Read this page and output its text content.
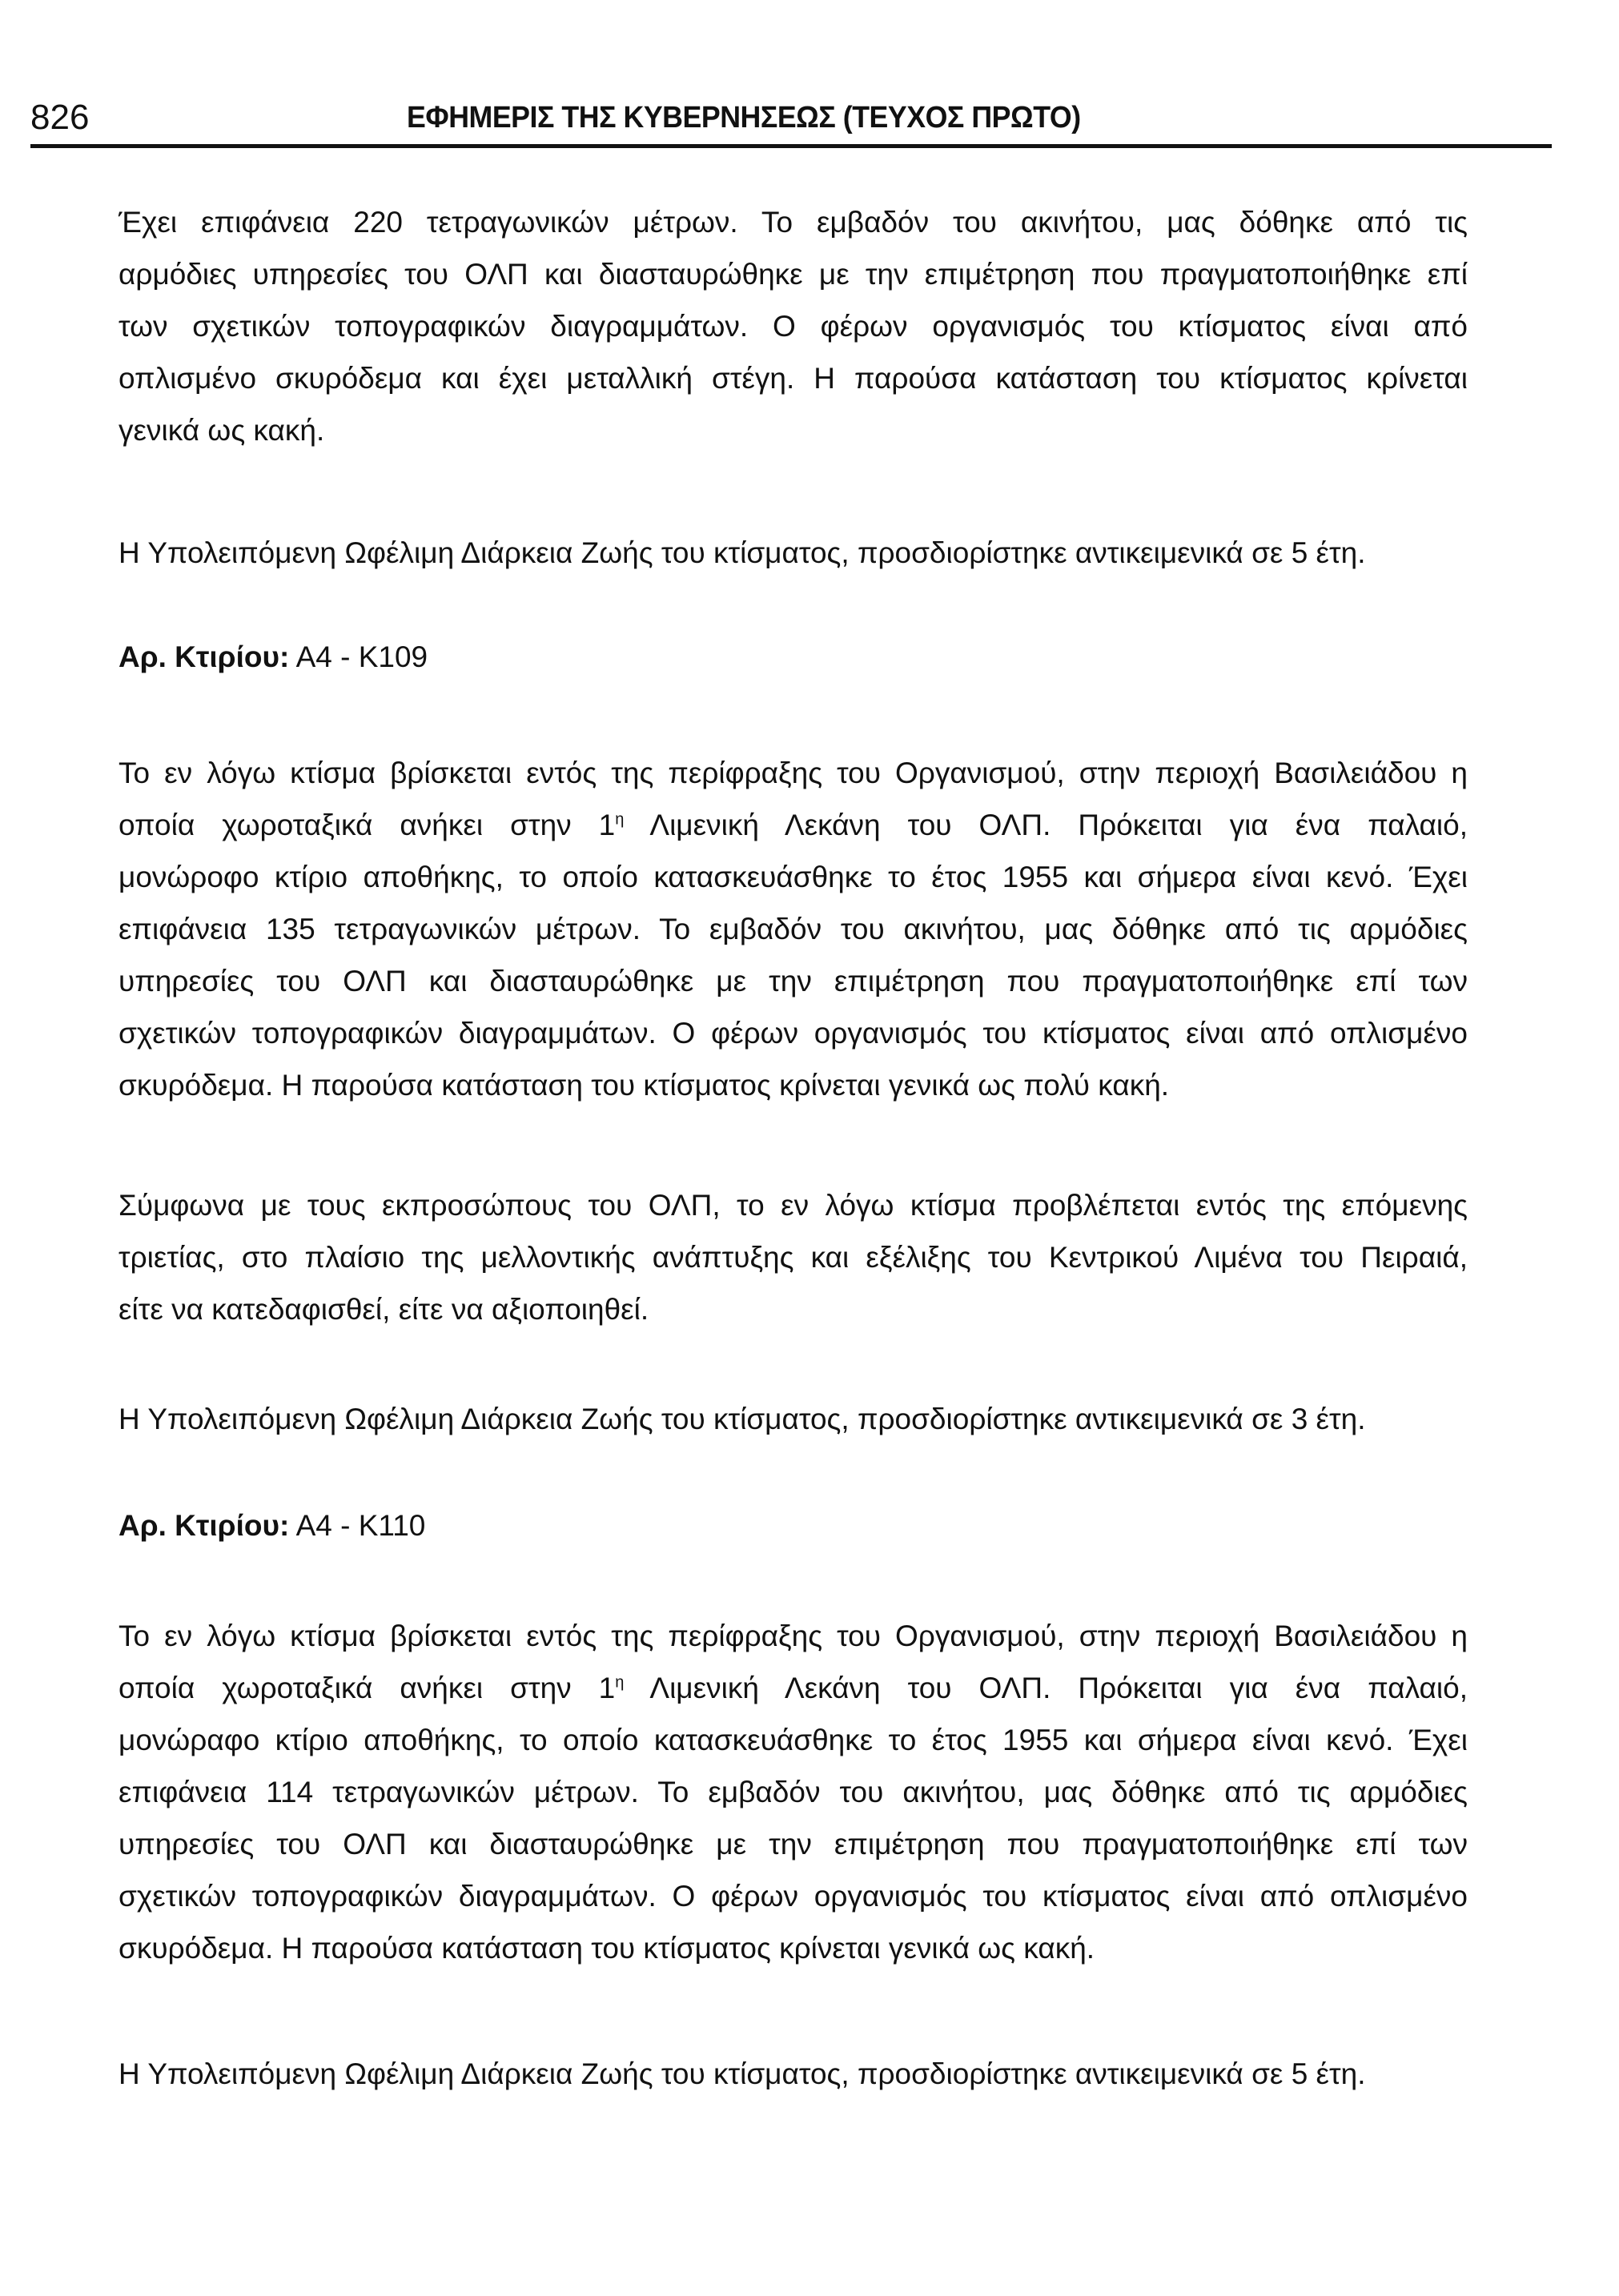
826	ΕΦΗΜΕΡΙΣ ΤΗΣ ΚΥΒΕΡΝΗΣΕΩΣ (ΤΕΥΧΟΣ ΠΡΩΤΟ)
Έχει επιφάνεια 220 τετραγωνικών μέτρων. Το εμβαδόν του ακινήτου, μας δόθηκε από τις
αρμόδιες υπηρεσίες του ΟΛΠ και διασταυρώθηκε με την επιμέτρηση που πραγματοποιήθηκε επί
των σχετικών τοπογραφικών διαγραμμάτων. Ο φέρων οργανισμός του κτίσματος είναι από
οπλισμένο σκυρόδεμα και έχει μεταλλική στέγη. Η παρούσα κατάσταση του κτίσματος κρίνεται
γενικά ως κακή.
Η Υπολειπόμενη Ωφέλιμη Διάρκεια Ζωής του κτίσματος, προσδιορίστηκε αντικειμενικά σε 5 έτη.
Αρ. Κτιρίου: Α4 - Κ109
Το εν λόγω κτίσμα βρίσκεται εντός της περίφραξης του Οργανισμού, στην περιοχή Βασιλειάδου η
οποία χωροταξικά ανήκει στην $1^\eta$ Λιμενική Λεκάνη του ΟΛΠ. Πρόκειται για ένα παλαιό,
μονώροφο κτίριο αποθήκης, το οποίο κατασκευάσθηκε το έτος 1955 και σήμερα είναι κενό. Έχει
επιφάνεια 135 τετραγωνικών μέτρων. Το εμβαδόν του ακινήτου, μας δόθηκε από τις αρμόδιες
υπηρεσίες του ΟΛΠ και διασταυρώθηκε με την επιμέτρηση που πραγματοποιήθηκε επί των
σχετικών τοπογραφικών διαγραμμάτων. Ο φέρων οργανισμός του κτίσματος είναι από οπλισμένο
σκυρόδεμα. Η παρούσα κατάσταση του κτίσματος κρίνεται γενικά ως πολύ κακή.
Σύμφωνα με τους εκπροσώπους του ΟΛΠ, το εν λόγω κτίσμα προβλέπεται εντός της επόμενης
τριετίας, στο πλαίσιο της μελλοντικής ανάπτυξης και εξέλιξης του Κεντρικού Λιμένα του Πειραιά,
είτε να κατεδαφισθεί, είτε να αξιοποιηθεί.
Η Υπολειπόμενη Ωφέλιμη Διάρκεια Ζωής του κτίσματος, προσδιορίστηκε αντικειμενικά σε 3 έτη.
Αρ. Κτιρίου: Α4 - Κ110
Το εν λόγω κτίσμα βρίσκεται εντός της περίφραξης του Οργανισμού, στην περιοχή Βασιλειάδου η
οποία χωροταξικά ανήκει στην $1^\eta$ Λιμενική Λεκάνη του ΟΛΠ. Πρόκειται για ένα παλαιό,
μονώραφο κτίριο αποθήκης, το οποίο κατασκευάσθηκε το έτος 1955 και σήμερα είναι κενό. Έχει
επιφάνεια 114 τετραγωνικών μέτρων. Το εμβαδόν του ακινήτου, μας δόθηκε από τις αρμόδιες
υπηρεσίες του ΟΛΠ και διασταυρώθηκε με την επιμέτρηση που πραγματοποιήθηκε επί των
σχετικών τοπογραφικών διαγραμμάτων. Ο φέρων οργανισμός του κτίσματος είναι από οπλισμένο
σκυρόδεμα. Η παρούσα κατάσταση του κτίσματος κρίνεται γενικά ως κακή.
Η Υπολειπόμενη Ωφέλιμη Διάρκεια Ζωής του κτίσματος, προσδιορίστηκε αντικειμενικά σε 5 έτη.
